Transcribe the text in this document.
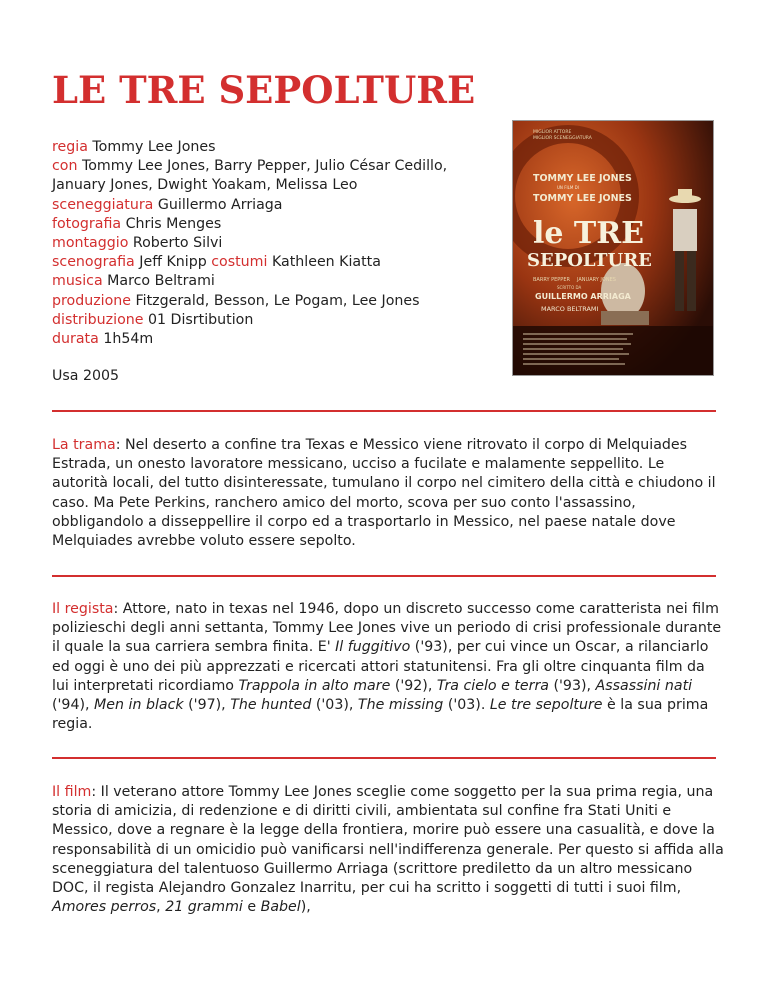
LE TRE SEPOLTURE
regia Tommy Lee Jones
con Tommy Lee Jones, Barry Pepper, Julio César Cedillo,
January Jones, Dwight Yoakam, Melissa Leo
sceneggiatura Guillermo Arriaga
fotografia Chris Menges
montaggio Roberto Silvi
scenografia Jeff Knipp costumi Kathleen Kiatta
musica Marco Beltrami
produzione Fitzgerald, Besson, Le Pogam, Lee Jones
distribuzione 01 Disrtibution
durata 1h54m
Usa 2005
MIGLIOR ATTORE
MIGLIOR SCENEGGIATURA
TOMMY LEE JONES
UN FILM DI
TOMMY LEE JONES
le TRE
SEPOLTURE
BARRY PEPPER JANUARY JONES
SCRITTO DA
GUILLERMO ARRIAGA
MARCO BELTRAMI

La trama: Nel deserto a confine tra Texas e Messico viene ritrovato il corpo di Melquiades Estrada, un onesto lavoratore messicano, ucciso a fucilate e malamente seppellito. Le autorità locali, del tutto disinteressate, tumulano il corpo nel cimitero della città e chiudono il caso. Ma Pete Perkins, ranchero amico del morto, scova per suo conto l'assassino, obbligandolo a disseppellire il corpo ed a trasportarlo in Messico, nel paese natale dove Melquiades avrebbe voluto essere sepolto.

Il regista: Attore, nato in texas nel 1946, dopo un discreto successo come caratterista nei film polizieschi degli anni settanta, Tommy Lee Jones vive un periodo di crisi professionale durante il quale la sua carriera sembra finita. E' Il fuggitivo ('93), per cui vince un Oscar, a rilanciarlo ed oggi è uno dei più apprezzati e ricercati attori statunitensi. Fra gli oltre cinquanta film da lui interpretati ricordiamo Trappola in alto mare ('92), Tra cielo e terra ('93), Assassini nati ('94), Men in black ('97), The hunted ('03), The missing ('03). Le tre sepolture è la sua prima regia.

Il film: Il veterano attore Tommy Lee Jones sceglie come soggetto per la sua prima regia, una storia di amicizia, di redenzione e di diritti civili, ambientata sul confine fra Stati Uniti e Messico, dove a regnare è la legge della frontiera, morire può essere una casualità, e dove la responsabilità di un omicidio può vanificarsi nell'indifferenza generale. Per questo si affida alla sceneggiatura del talentuoso Guillermo Arriaga (scrittore prediletto da un altro messicano DOC, il regista Alejandro Gonzalez Inarritu, per cui ha scritto i soggetti di tutti i suoi film, Amores perros, 21 grammi e Babel),
